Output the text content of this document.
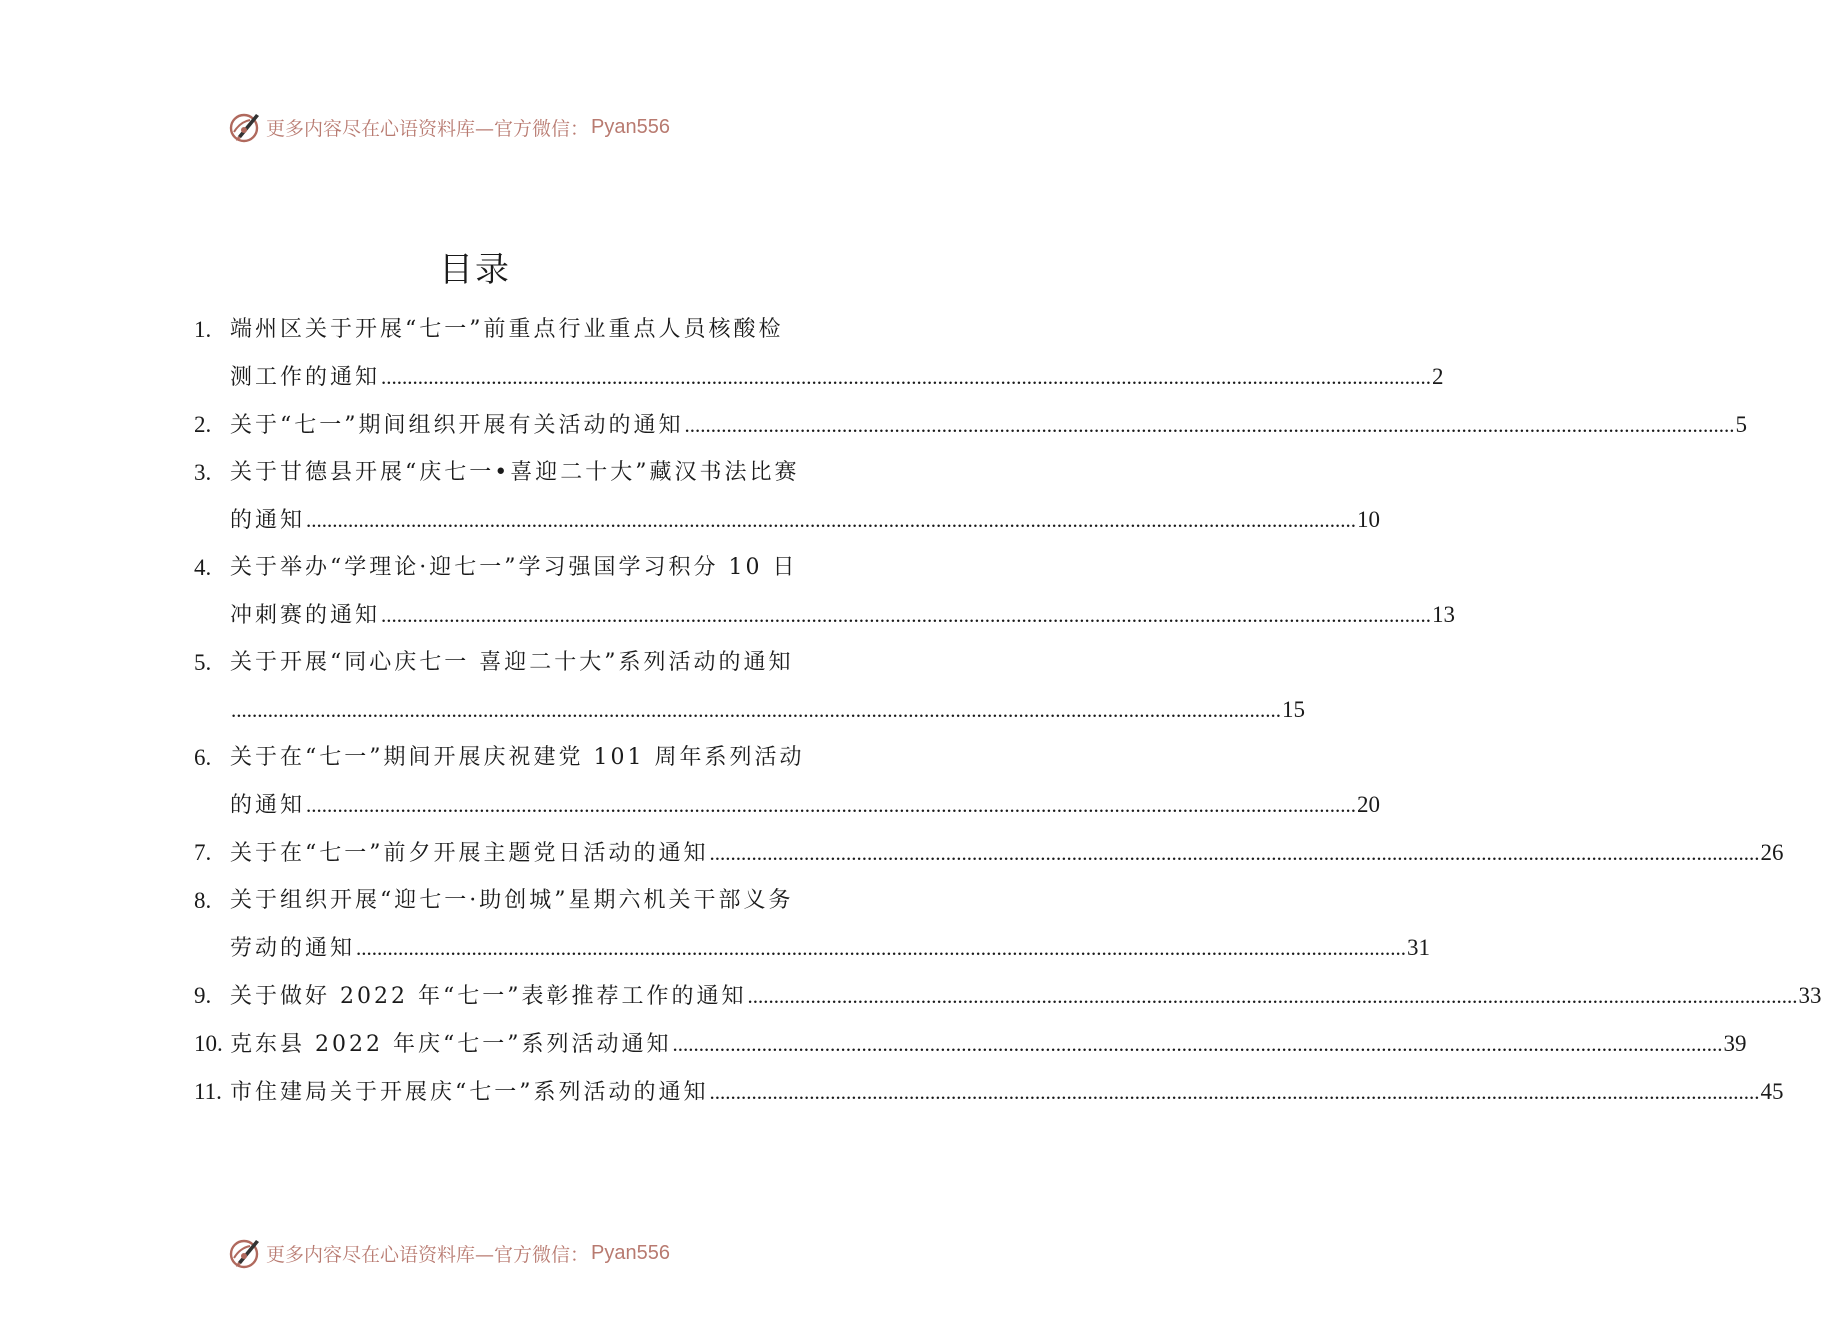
更多内容尽在心语资料库—官方微信： Pyan556
目录
1. 端州区关于开展“七一”前重点行业重点人员核酸检
测工作的通知 ........................................................................................................................................................................................................ 2
2. 关于“七一”期间组织开展有关活动的通知 ........................................................................................................................................................................................................ 5
3. 关于甘德县开展“庆七一•喜迎二十大”藏汉书法比赛
的通知 ........................................................................................................................................................................................................ 10
4. 关于举办“学理论·迎七一”学习强国学习积分 10 日
冲刺赛的通知 ........................................................................................................................................................................................................ 13
5. 关于开展“同心庆七一 喜迎二十大”系列活动的通知
........................................................................................................................................................................................................ 15
6. 关于在“七一”期间开展庆祝建党 101 周年系列活动
的通知 ........................................................................................................................................................................................................ 20
7. 关于在“七一”前夕开展主题党日活动的通知 ........................................................................................................................................................................................................ 26
8. 关于组织开展“迎七一·助创城”星期六机关干部义务
劳动的通知 ........................................................................................................................................................................................................ 31
9. 关于做好 2022 年“七一”表彰推荐工作的通知 ........................................................................................................................................................................................................ 33
10. 克东县 2022 年庆“七一”系列活动通知 ........................................................................................................................................................................................................ 39
11. 市住建局关于开展庆“七一”系列活动的通知 ........................................................................................................................................................................................................ 45
更多内容尽在心语资料库—官方微信： Pyan556
